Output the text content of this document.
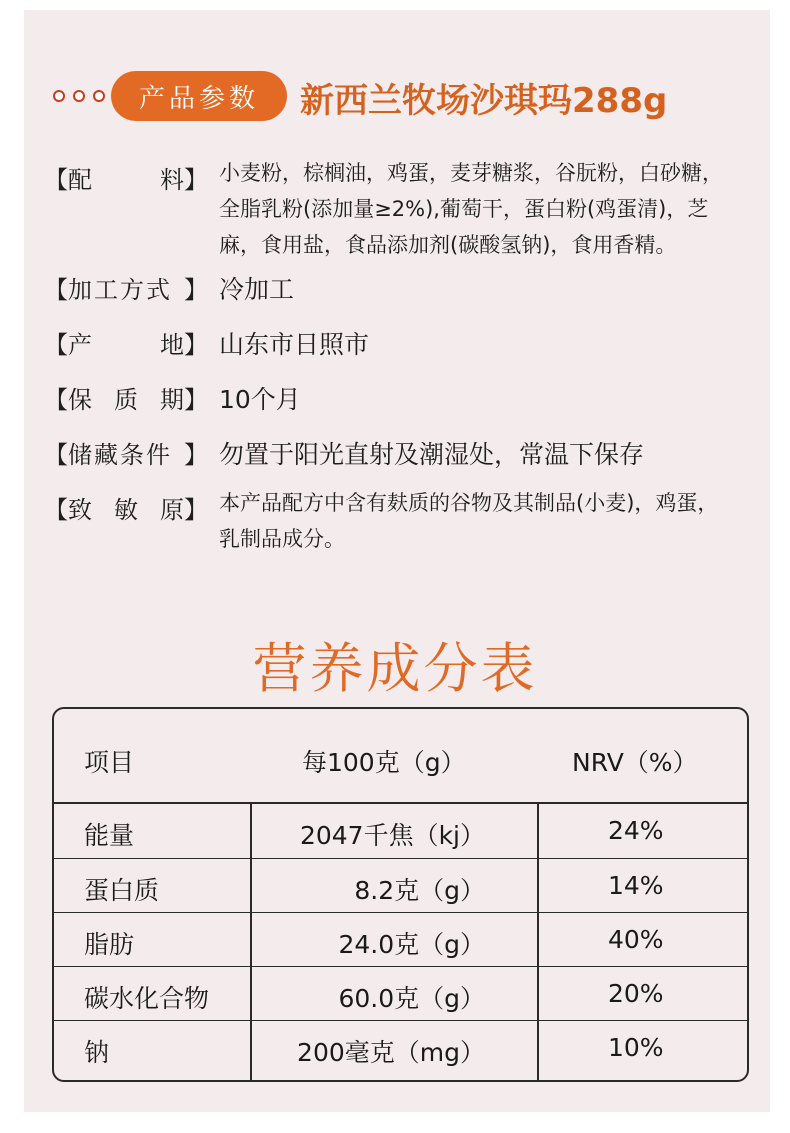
产品参数	新西兰牧场沙琪玛288g
【 配	料 】 小麦粉，棕榈油，鸡蛋，麦芽糖浆，谷朊粉，白砂糖，全脂乳粉(添加量≥2%),葡萄干，蛋白粉(鸡蛋清)，芝麻，食用盐，食品添加剂(碳酸氢钠)，食用香精。
【 加工方式 】 冷加工
【 产	地 】 山东市日照市
【 保 质 期 】 10个月
【 储藏条件 】 勿置于阳光直射及潮湿处，常温下保存
【 致 敏 原 】 本产品配方中含有麸质的谷物及其制品(小麦)，鸡蛋，乳制品成分。
营养成分表
项目	每100克（g）	NRV（%）
能量	2047千焦（kj）	24%
蛋白质	8.2克（g）	14%
脂肪	24.0克（g）	40%
碳水化合物	60.0克（g）	20%
钠	200毫克（mg）	10%
